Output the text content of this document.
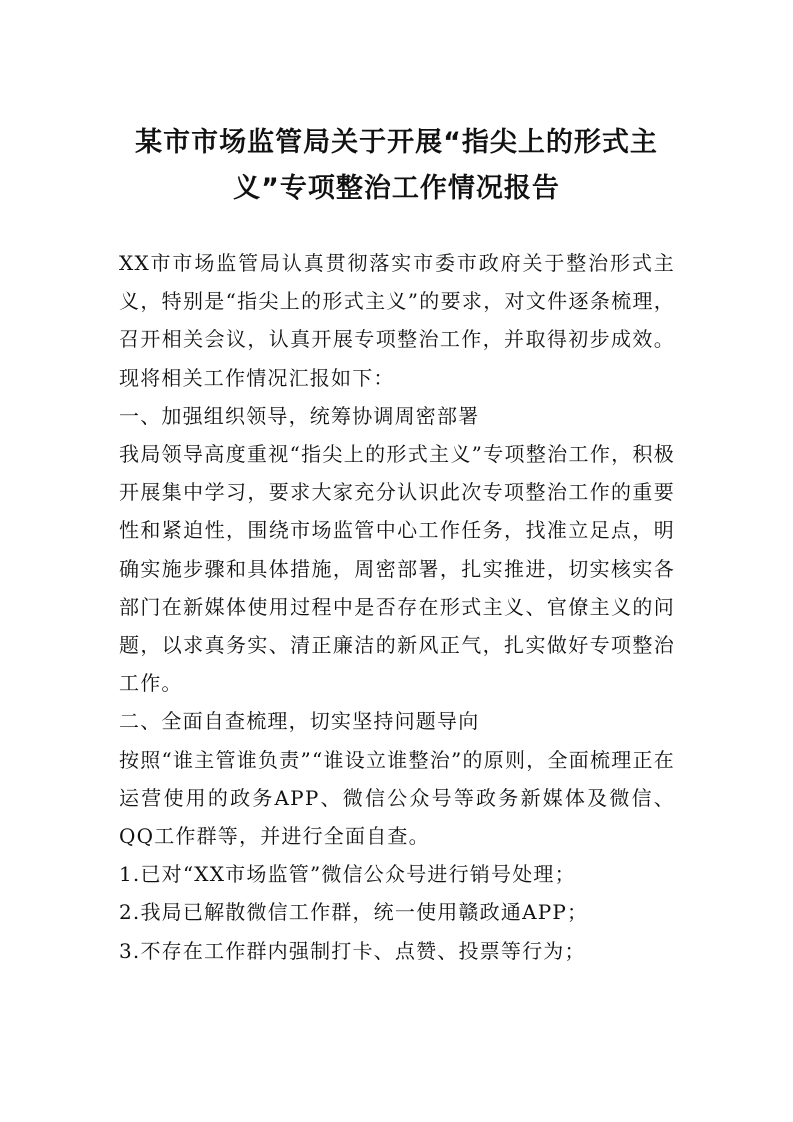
某市市场监管局关于开展“指尖上的形式主义”专项整治工作情况报告

XX市市场监管局认真贯彻落实市委市政府关于整治形式主义，特别是“指尖上的形式主义”的要求，对文件逐条梳理，召开相关会议，认真开展专项整治工作，并取得初步成效。现将相关工作情况汇报如下：

一、加强组织领导，统筹协调周密部署

我局领导高度重视“指尖上的形式主义”专项整治工作，积极开展集中学习，要求大家充分认识此次专项整治工作的重要性和紧迫性，围绕市场监管中心工作任务，找准立足点，明确实施步骤和具体措施，周密部署，扎实推进，切实核实各部门在新媒体使用过程中是否存在形式主义、官僚主义的问题，以求真务实、清正廉洁的新风正气，扎实做好专项整治工作。

二、全面自查梳理，切实坚持问题导向

按照“谁主管谁负责”“谁设立谁整治”的原则，全面梳理正在运营使用的政务APP、微信公众号等政务新媒体及微信、QQ工作群等，并进行全面自查。

1.已对“XX市场监管”微信公众号进行销号处理；

2.我局已解散微信工作群，统一使用赣政通APP；

3.不存在工作群内强制打卡、点赞、投票等行为；
